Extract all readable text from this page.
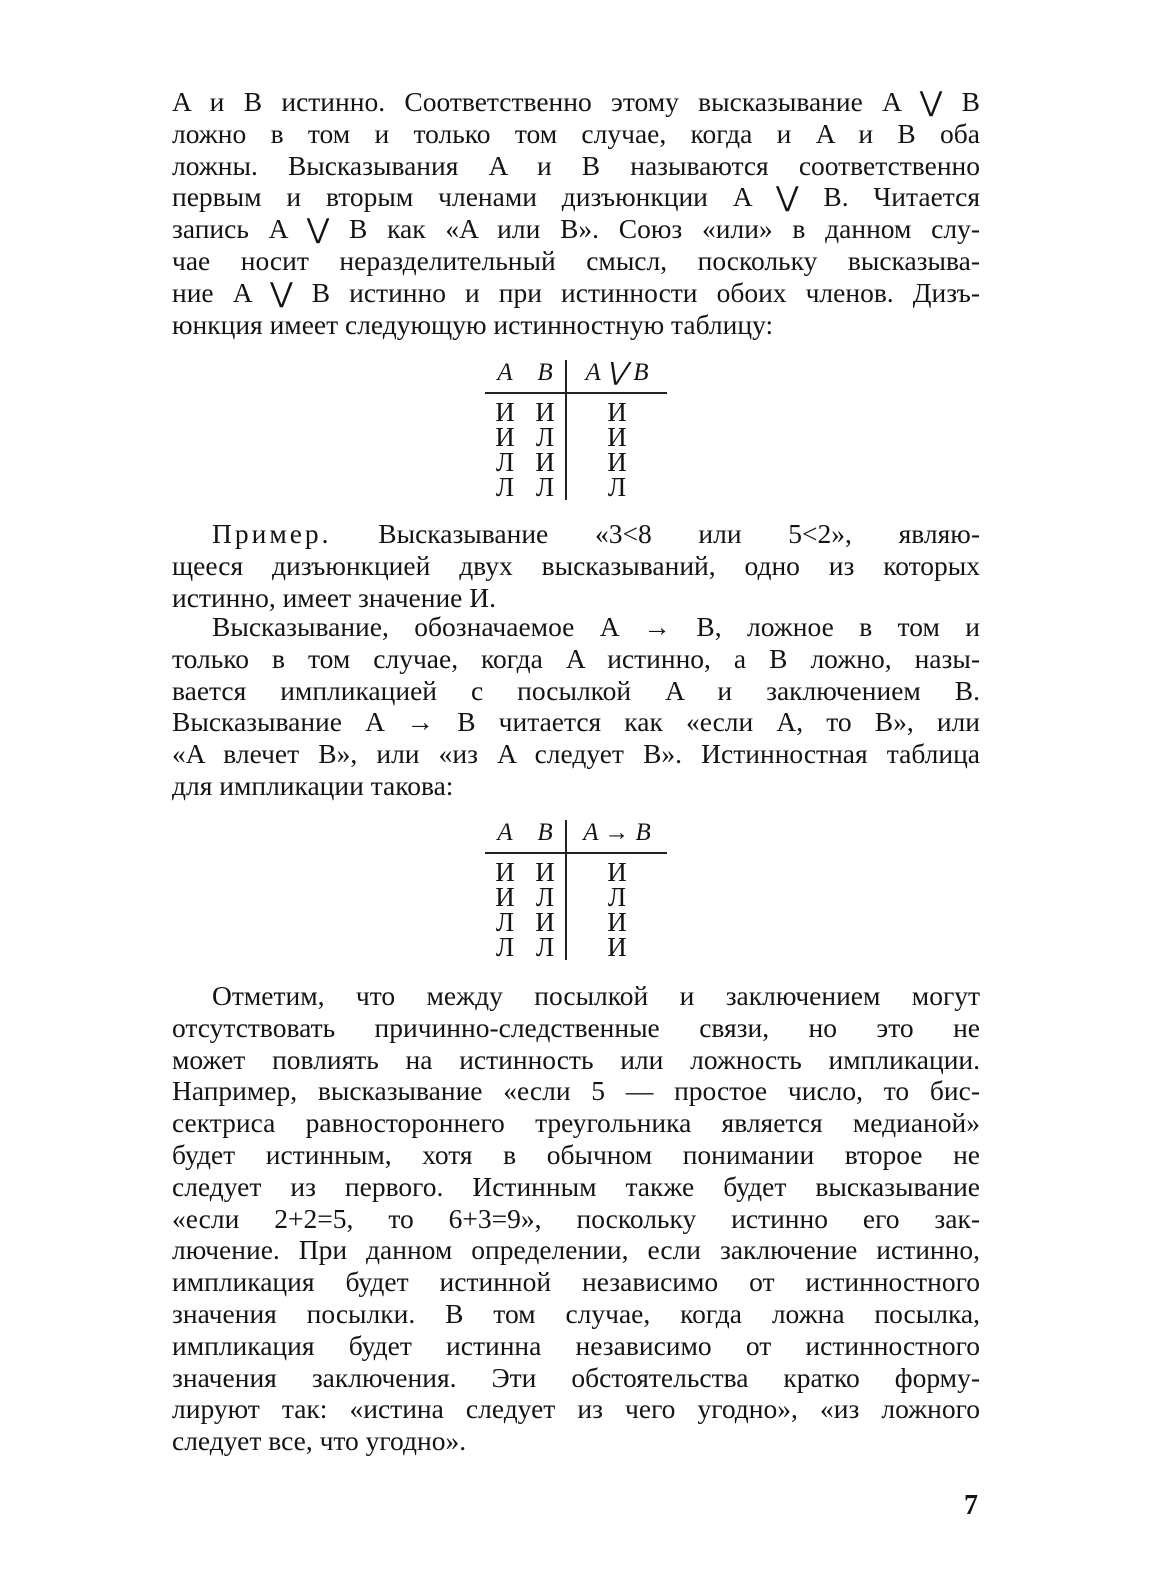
A и B истинно. Соответственно этому высказывание A ⋁ B
ложно в том и только том случае, когда и A и B оба
ложны. Высказывания A и B называются соответственно
первым и вторым членами дизъюнкции A ⋁ B. Читается
запись A ⋁ B как «A или B». Союз «или» в данном слу-
чае носит неразделительный смысл, поскольку высказыва-
ние A ⋁ B истинно и при истинности обоих членов. Дизъ-
юнкция имеет следующую истинностную таблицу:
A	B	A ⋁ B
И	И	И
И	Л	И
Л	И	И
Л	Л	Л
Пример. Высказывание «3<8 или 5<2», являю-
щееся дизъюнкцией двух высказываний, одно из которых
истинно, имеет значение И.
Высказывание, обозначаемое A → B, ложное в том и
только в том случае, когда A истинно, а B ложно, назы-
вается импликацией с посылкой A и заключением B.
Высказывание A → B читается как «если A, то B», или
«A влечет B», или «из A следует B». Истинностная таблица
для импликации такова:
A	B	A → B
И	И	И
И	Л	Л
Л	И	И
Л	Л	И
Отметим, что между посылкой и заключением могут
отсутствовать причинно-следственные связи, но это не
может повлиять на истинность или ложность импликации.
Например, высказывание «если 5 — простое число, то бис-
сектриса равностороннего треугольника является медианой»
будет истинным, хотя в обычном понимании второе не
следует из первого. Истинным также будет высказывание
«если 2+2=5, то 6+3=9», поскольку истинно его зак-
лючение. При данном определении, если заключение истинно,
импликация будет истинной независимо от истинностного
значения посылки. В том случае, когда ложна посылка,
импликация будет истинна независимо от истинностного
значения заключения. Эти обстоятельства кратко форму-
лируют так: «истина следует из чего угодно», «из ложного
следует все, что угодно».
7
